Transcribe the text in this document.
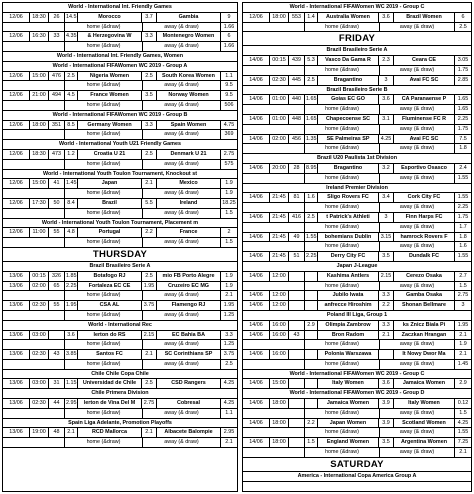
World - International Int. Friendly Games
12/06	18:30	26	14.5	Morocco	3.7	Gambia	9
home (&draw)	away (& draw)	1.66
12/06	16:30	33	4.35	& Herzegovina W	3.3	Montenegro Women	6
home (&draw)	away (& draw)	1.66
World - International Int. Friendly Games, Women
World - International FIFAWomen WC 2019 - Group A
12/06	15:00	476	2.5	Nigeria Women	2.5	South Korea Women	1.1
home (&draw)	away (& draw)	9.5
12/06	21:00	494	4.5	France Women	3.5	Norway Women	9.5
home (&draw)	away (& draw)	506
World - International FIFAWomen WC 2019 - Group B
12/06	18:00	351	8.5	Germany Women	3.3	Spain Women	4.75
home (&draw)	away (& draw)	369
World - International Youth U21 Friendly Games
12/06	18:30	473	1.2	Croatia U 21	2.5	Denmark U 21	2.75
home (&draw)	away (& draw)	575
World - International Youth Toulon Tournament, Knockout st
12/06	15:00	41	1.45	Japan	2.1	Mexico	1.9
home (&draw)	away (& draw)	1.9
12/06	17:30	50	8.4	Brazil	5.5	Ireland	18.25
home (&draw)	away (& draw)	1.5
World - International Youth Toulon Tournament, Placement m
12/06	11:00	55	4.8	Portugal	2.2	France	2
home (&draw)	away (& draw)	1.5
THURSDAY
Brazil Brasileiro Serie A
13/06	00:15	326 1.85	Botafogo RJ	2.5	mio FB Porto Alegre	1.9
13/06	02:00	65	2.25	Fortaleza EC CE	1.95	Cruzeiro EC MG	1.9
home (&draw)	away (& draw)	2.1
13/06	02:30	55	1.95	CSA AL	3.75	Flamengo RJ	1.95
home (&draw)	away (& draw)	1.25
World - International Rec
13/06	03:00	3.6	Ierton do RS	2.15	EC Bahia BA	3.3
home (&draw)	away (& draw)	1.25
13/06	02:30	43	3.85	Santos FC	2.1	SC Corinthians SP	3.75
home (&draw)	away (& draw)	2.5
Chile Chile Copa Chile
13/06	03:00	31	1.15	Universidad de Chile	2.5	CSD Rangers	4.25
Chile Primera Division
13/06	02:30	44	2.95	lerton de Vina Del M	2.75	Cobresal	4.25
home (&draw)	away (& draw)	1.1
Spain Liga Adelante, Promotion Playoffs
13/06	19:00	48	2.1	RCD Mallorca	2.1	Albacete Balompie	2.95
home (&draw)	away (& draw)	2.1
World - International FIFAWomen WC 2019 - Group C
12/06	18:00	553	1.4	Australia Women	3.6	Brazil Women	6
home (&draw)	away (& draw)	2.5
FRIDAY
Brazil Brasileiro Serie A
14/06	00:15	439	5.3	Vasco Da Gama R	2.3	Ceara CE	3.05
home (&draw)	away (& draw)	1.75
14/06	02:30	445	2.5	Bragantino	3	Avai FC SC	2.85
Brazil Brasileiro Serie B
14/06	01:00	440 1.65	Goias EC GO	3.6	CA Paranaense P	1.65
home (&draw)	away (& draw)	1.65
14/06	01:00	448 1.65	Chapecoense SC	3.1	Fluminense FC R	2.25
home (&draw)	away (& draw)	1.75
14/06	02:00	456 1.35	SE Palmeiras SP	4.25	Avai FC SC	7.5
home (&draw)	away (& draw)	1.8
Brazil U20 Paulista 1st Division
14/06	20:00	28	8.95	Bragantino	3.2	Esportivo Osasco	2.4
home (&draw)	away (& draw)	1.55
Ireland Premier Division
14/06	21:45	81	1.6	Sligo Rovers FC	3.4	Cork City FC	1.55
home (&draw)	away (& draw)	2.25
14/06	21:45	416	2.5	t Patrick's Athleti	3	Finn Harps FC	1.75
home (&draw)	away (& draw)	1.7
14/06	21:45	49	1.55	bohemians Dublin	3.15	hamrock Rovers F	1.8
home (&draw)	away (& draw)	1.6
14/06	21:45	51	2.25	Derry City FC	3.5	Dundalk FC	1.55
Japan J-League
14/06	12:00	Kashima Antlers	2.15	Cerezo Osaka	2.7
home (&draw)	away (& draw)	1.5
14/06	12:00	Jubilo Iwata	3.3	Gamba Osaka	2.75
14/06	12:00	anfrecce Hiroshim	2.2	Shonan Bellmare	3
Poland III Liga, Group 1
14/06	16:00	2.9	Olimpia Zambrow	3.3	ks Znicz Biala Pi	1.95
14/06	16:00	43	Bron Radom	2.1	Zaczkan Hrangan	2.1
home (&draw)	away (& draw)	1.9
14/06	16:00	Polonia Warszawa	It Nowy Dwor Ma	2.1
home (&draw)	away (& draw)	1.45
World - International FIFAWomen WC 2019 - Group C
14/06	15:00	Italy Women	3.6	Jamaica Women	2.9
World - International FIFAWomen WC 2019 - Group D
14/06	18:00	Jamaica Women	3.9	Italy Women	0.12
home (&draw)	away (& draw)	1.5
14/06	18:00	2.2	Japan Women	3.9	Scotland Women	4.25
home (&draw)	away (& draw)	1.55
14/06	18:00	1.5	England Women	3.5	Argentina Women	7.25
home (&draw)	away (& draw)	2.1
SATURDAY
America - International Copa America Group A
